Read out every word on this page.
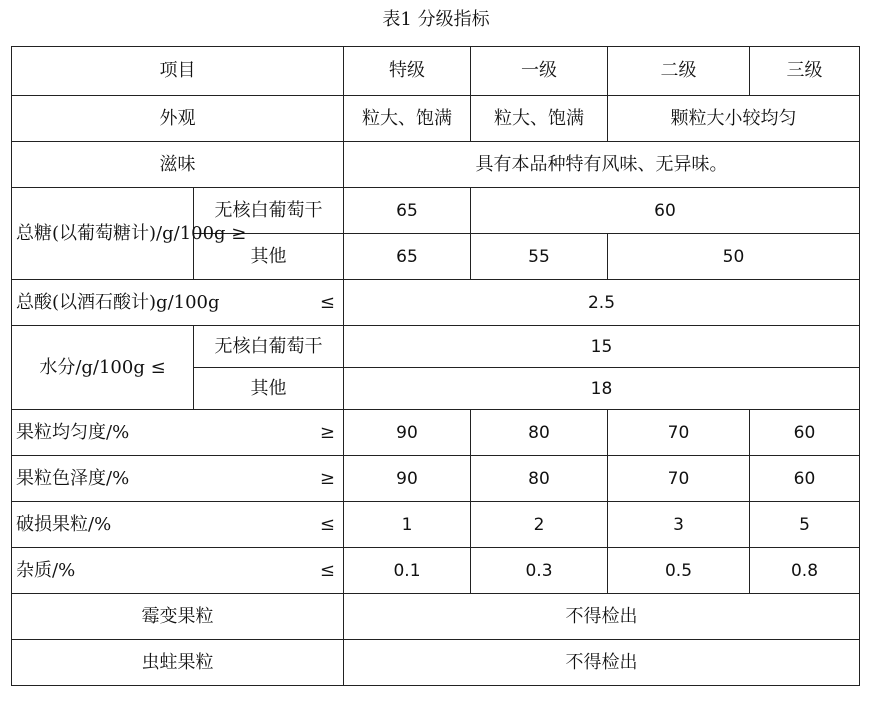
表1 分级指标
项目		特级	一级	二级	三级
外观		粒大、饱满	粒大、饱满	颗粒大小较均匀	
滋味		具有本品种特有风味、无异味。			
总糖(以葡萄糖计)/g/100g ≥	无核白葡萄干	65	60		
	其他	65	55	50	

总酸(以酒石酸计)g/100g ≤		2.5			
水分/g/100g ≤	无核白葡萄干	15			
	其他	18			

果粒均匀度/% ≥		90	80	70	60

果粒色泽度/% ≥		90	80	70	60

破损果粒/% ≤		1	2	3	5

杂质/% ≤		0.1	0.3	0.5	0.8
霉变果粒		不得检出			
虫蛀果粒		不得检出			
